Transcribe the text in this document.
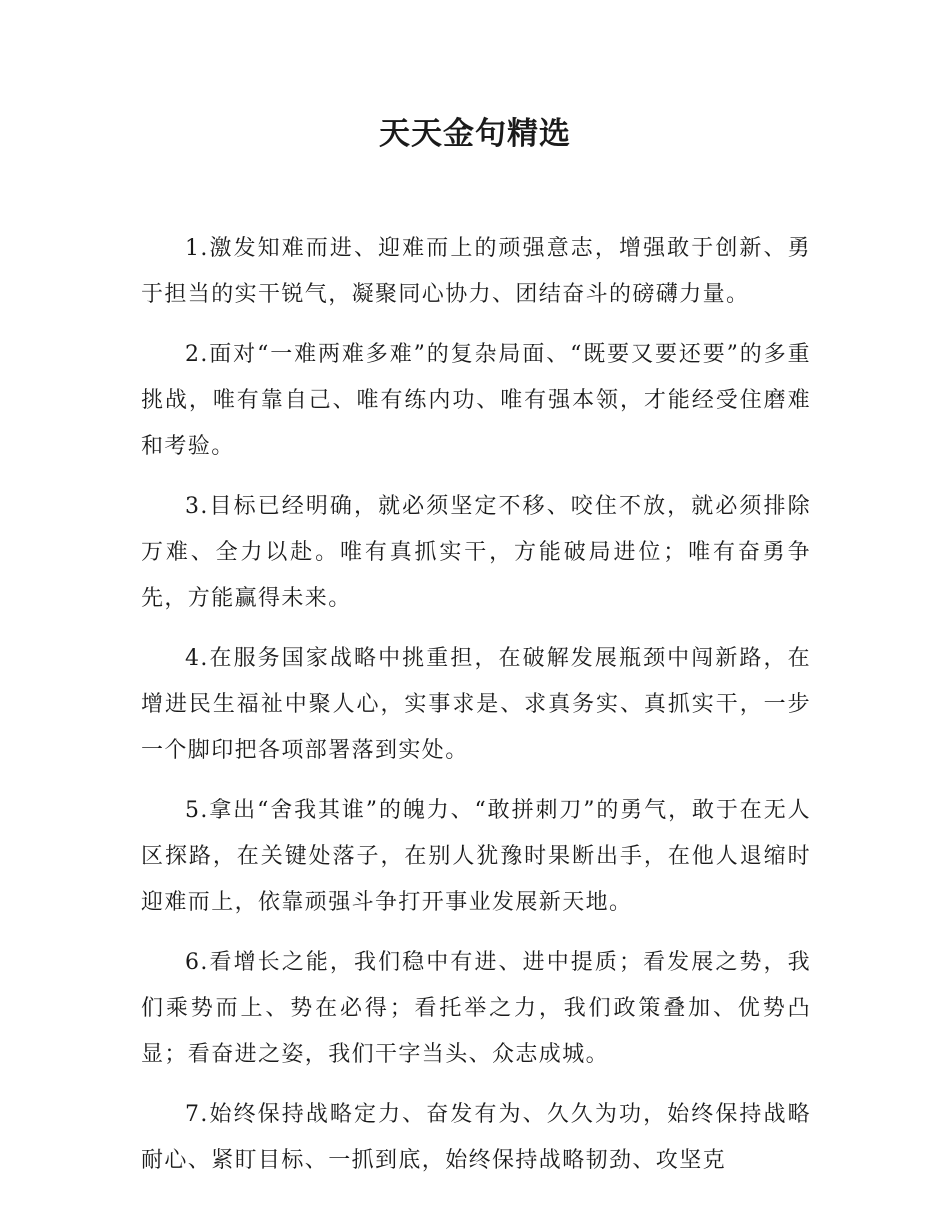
天天金句精选

1.激发知难而进、迎难而上的顽强意志，增强敢于创新、勇于担当的实干锐气，凝聚同心协力、团结奋斗的磅礴力量。

2.面对“一难两难多难”的复杂局面、“既要又要还要”的多重挑战，唯有靠自己、唯有练内功、唯有强本领，才能经受住磨难和考验。

3.目标已经明确，就必须坚定不移、咬住不放，就必须排除万难、全力以赴。唯有真抓实干，方能破局进位；唯有奋勇争先，方能赢得未来。

4.在服务国家战略中挑重担，在破解发展瓶颈中闯新路，在增进民生福祉中聚人心，实事求是、求真务实、真抓实干，一步一个脚印把各项部署落到实处。

5.拿出“舍我其谁”的魄力、“敢拼刺刀”的勇气，敢于在无人区探路，在关键处落子，在别人犹豫时果断出手，在他人退缩时迎难而上，依靠顽强斗争打开事业发展新天地。

6.看增长之能，我们稳中有进、进中提质；看发展之势，我们乘势而上、势在必得；看托举之力，我们政策叠加、优势凸显；看奋进之姿，我们干字当头、众志成城。

7.始终保持战略定力、奋发有为、久久为功，始终保持战略耐心、紧盯目标、一抓到底，始终保持战略韧劲、攻坚克
